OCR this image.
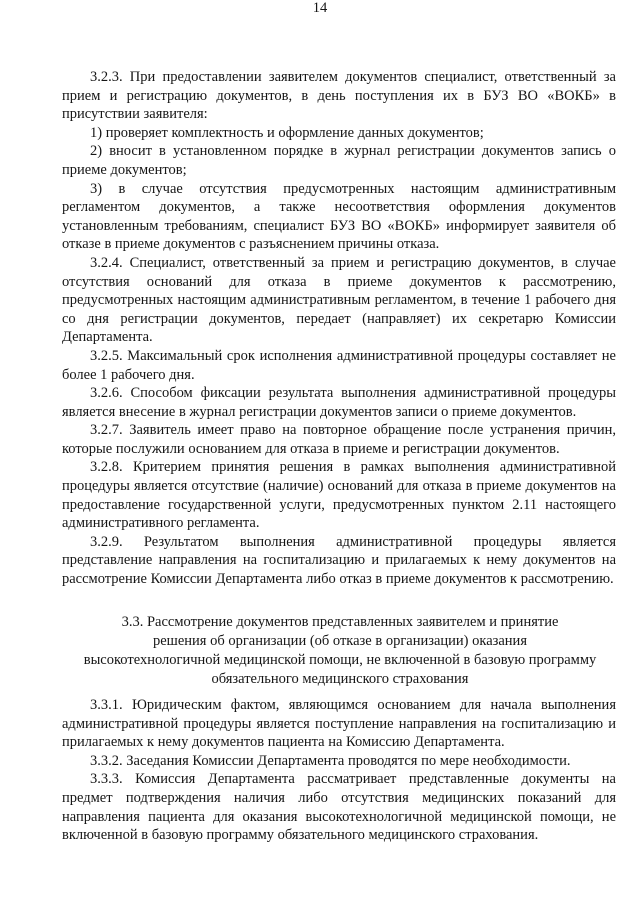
14

3.2.3. При предоставлении заявителем документов специалист, ответственный за прием и регистрацию документов, в день поступления их в БУЗ ВО «ВОКБ» в присутствии заявителя:

1) проверяет комплектность и оформление данных документов;

2) вносит в установленном порядке в журнал регистрации документов запись о приеме документов;

3) в случае отсутствия предусмотренных настоящим административным регламентом документов, а также несоответствия оформления документов установленным требованиям, специалист БУЗ ВО «ВОКБ» информирует заявителя об отказе в приеме документов с разъяснением причины отказа.

3.2.4. Специалист, ответственный за прием и регистрацию документов, в случае отсутствия оснований для отказа в приеме документов к рассмотрению, предусмотренных настоящим административным регламентом, в течение 1 рабочего дня со дня регистрации документов, передает (направляет) их секретарю Комиссии Департамента.

3.2.5. Максимальный срок исполнения административной процедуры составляет не более 1 рабочего дня.

3.2.6. Способом фиксации результата выполнения административной процедуры является внесение в журнал регистрации документов записи о приеме документов.

3.2.7. Заявитель имеет право на повторное обращение после устранения причин, которые послужили основанием для отказа в приеме и регистрации документов.

3.2.8. Критерием принятия решения в рамках выполнения административной процедуры является отсутствие (наличие) оснований для отказа в приеме документов на предоставление государственной услуги, предусмотренных пунктом 2.11 настоящего административного регламента.

3.2.9. Результатом выполнения административной процедуры является представление направления на госпитализацию и прилагаемых к нему документов на рассмотрение Комиссии Департамента либо отказ в приеме документов к рассмотрению.

3.3. Рассмотрение документов представленных заявителем и принятие
решения об организации (об отказе в организации) оказания
высокотехнологичной медицинской помощи, не включенной в базовую программу
обязательного медицинского страхования

3.3.1. Юридическим фактом, являющимся основанием для начала выполнения административной процедуры является поступление направления на госпитализацию и прилагаемых к нему документов пациента на Комиссию Департамента.

3.3.2. Заседания Комиссии Департамента проводятся по мере необходимости.

3.3.3. Комиссия Департамента рассматривает представленные документы на предмет подтверждения наличия либо отсутствия медицинских показаний для направления пациента для оказания высокотехнологичной медицинской помощи, не включенной в базовую программу обязательного медицинского страхования.
